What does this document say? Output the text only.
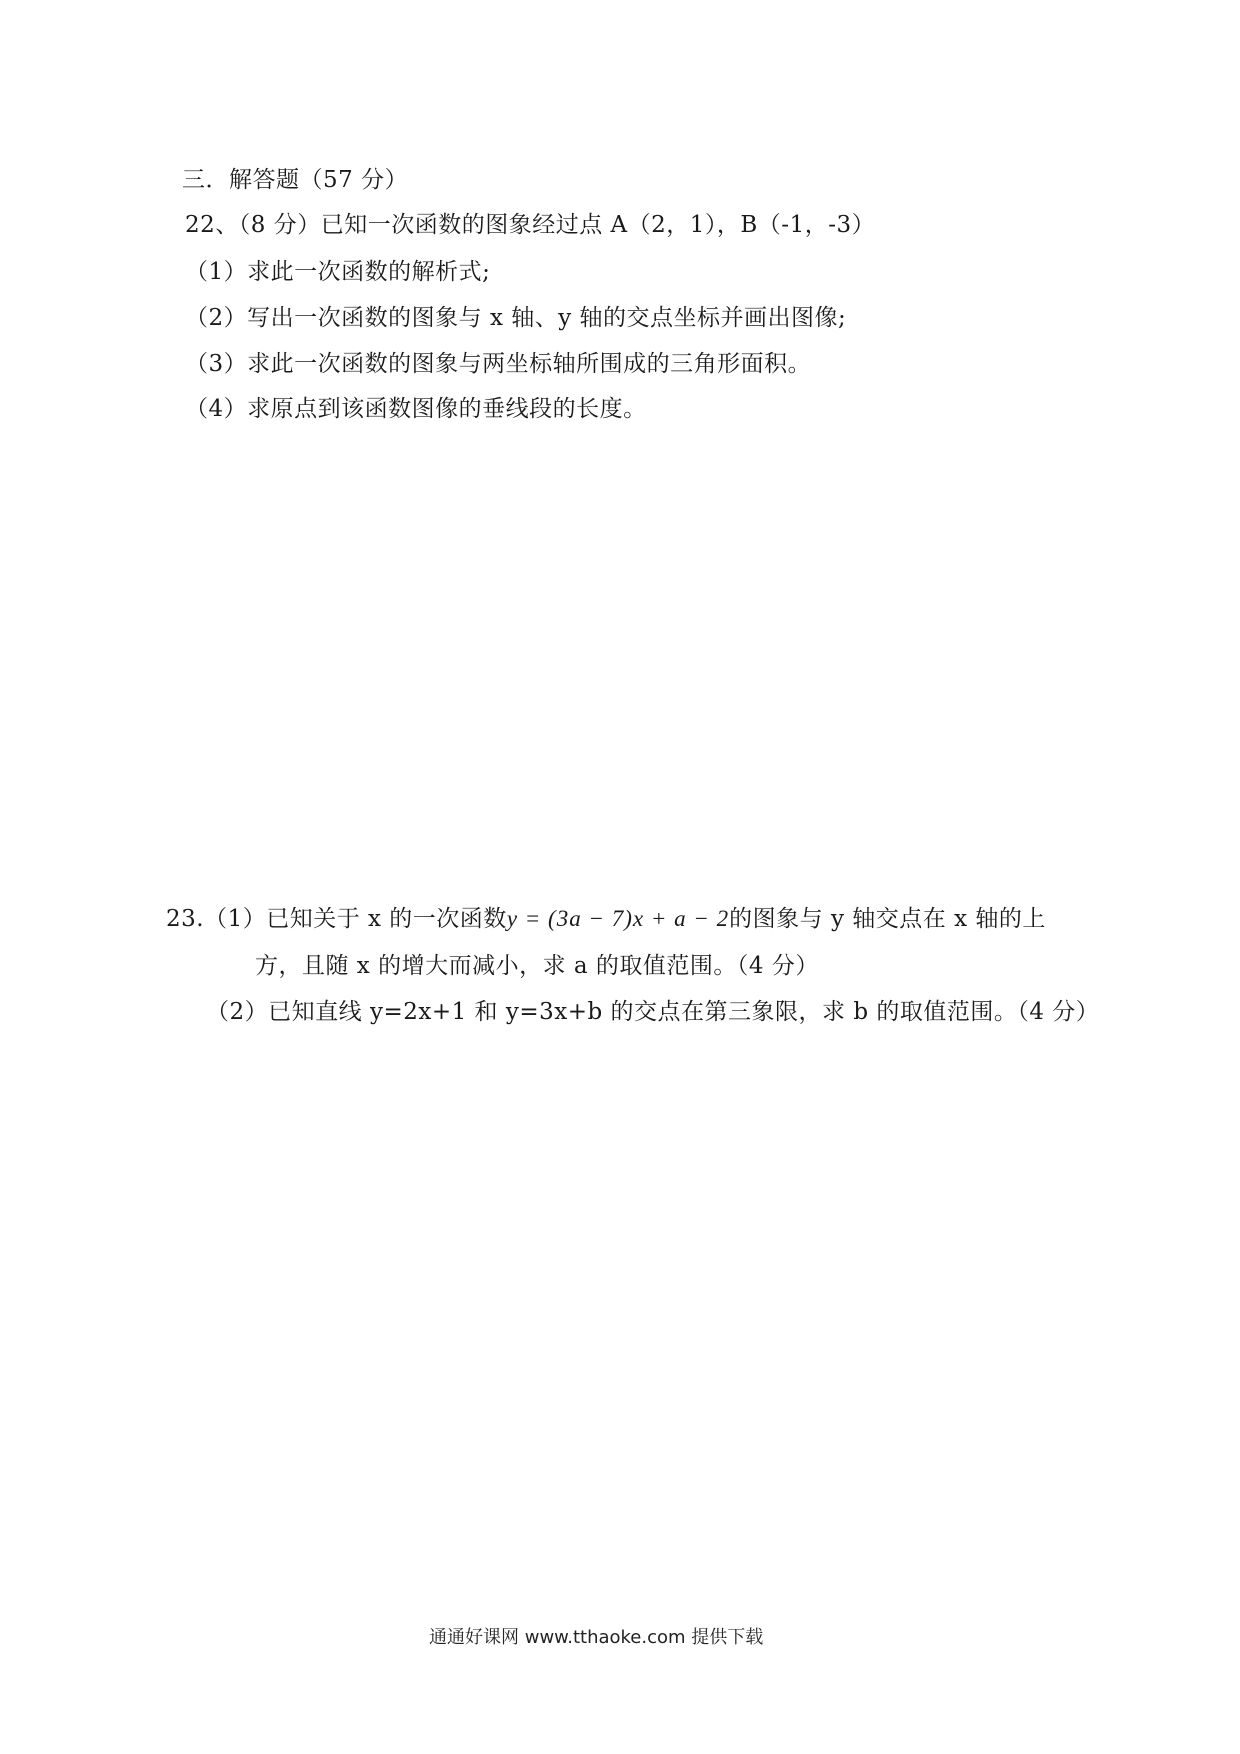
三．解答题（57 分）
22、（8 分）已知一次函数的图象经过点 A（2，1），B（-1，-3）
（1）求此一次函数的解析式;
（2）写出一次函数的图象与 x 轴、y 轴的交点坐标并画出图像;
（3）求此一次函数的图象与两坐标轴所围成的三角形面积。
（4）求原点到该函数图像的垂线段的长度。
23.（1）已知关于 x 的一次函数y = (3a − 7)x + a − 2的图象与 y 轴交点在 x 轴的上
方，且随 x 的增大而减小，求 a 的取值范围。（4 分）
（2）已知直线 y=2x+1 和 y=3x+b 的交点在第三象限，求 b 的取值范围。（4 分）
通通好课网 www.tthaoke.com 提供下载
